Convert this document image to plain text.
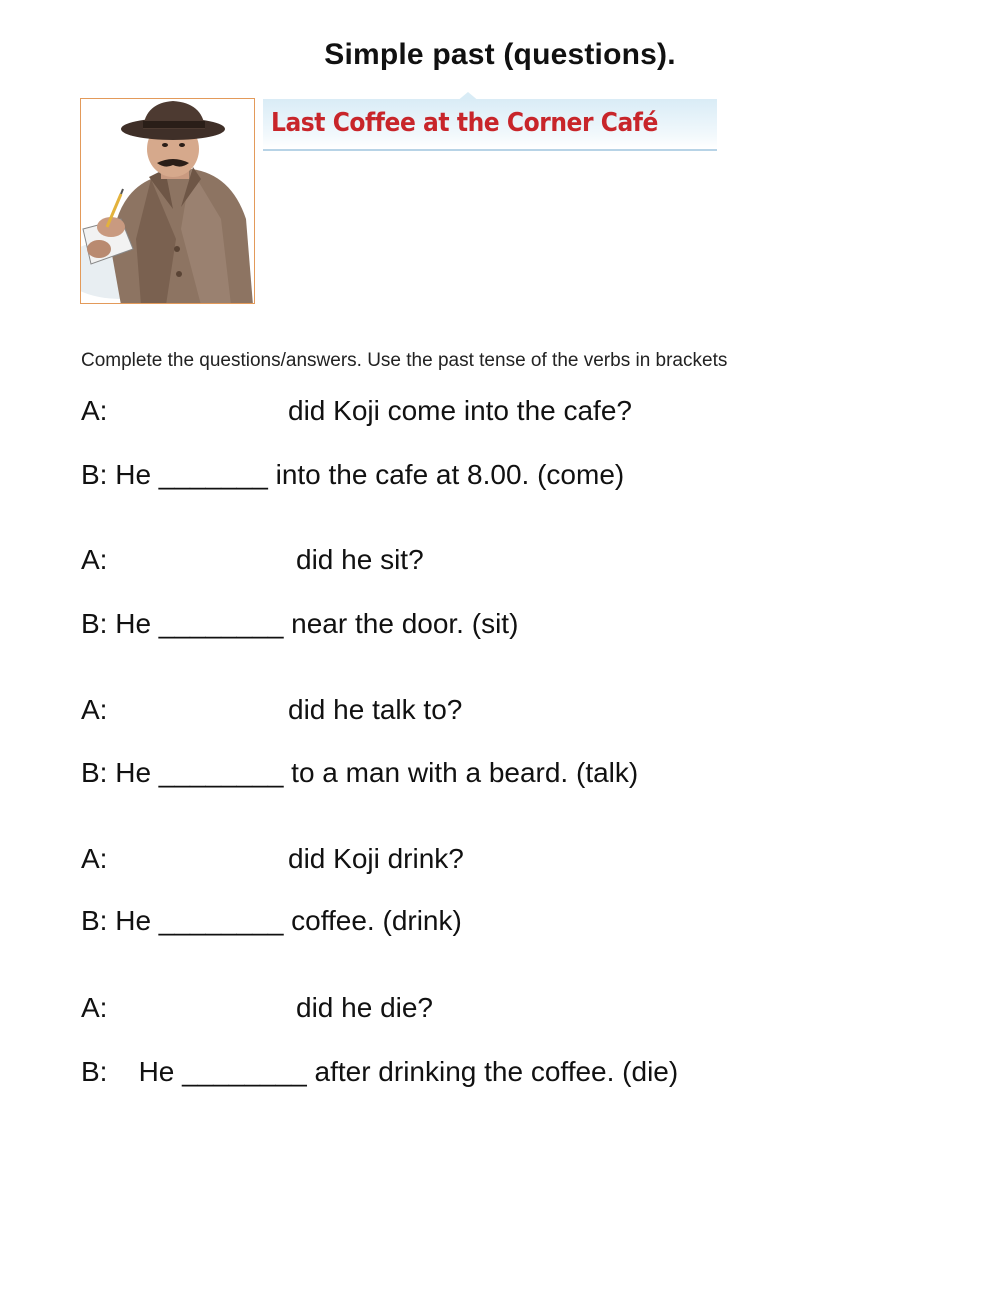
Simple past (questions).
Last Coffee at the Corner Café
Complete the questions/answers. Use the past tense of the verbs in brackets
A:	did Koji come into the cafe?
B: He _______ into the cafe at 8.00. (come)
A:	did he sit?
B: He ________ near the door. (sit)
A:	did he talk to?
B: He ________ to a man with a beard. (talk)
A:	did Koji drink?
B: He ________ coffee. (drink)
A:	did he die?
B:    He ________ after drinking the coffee. (die)
